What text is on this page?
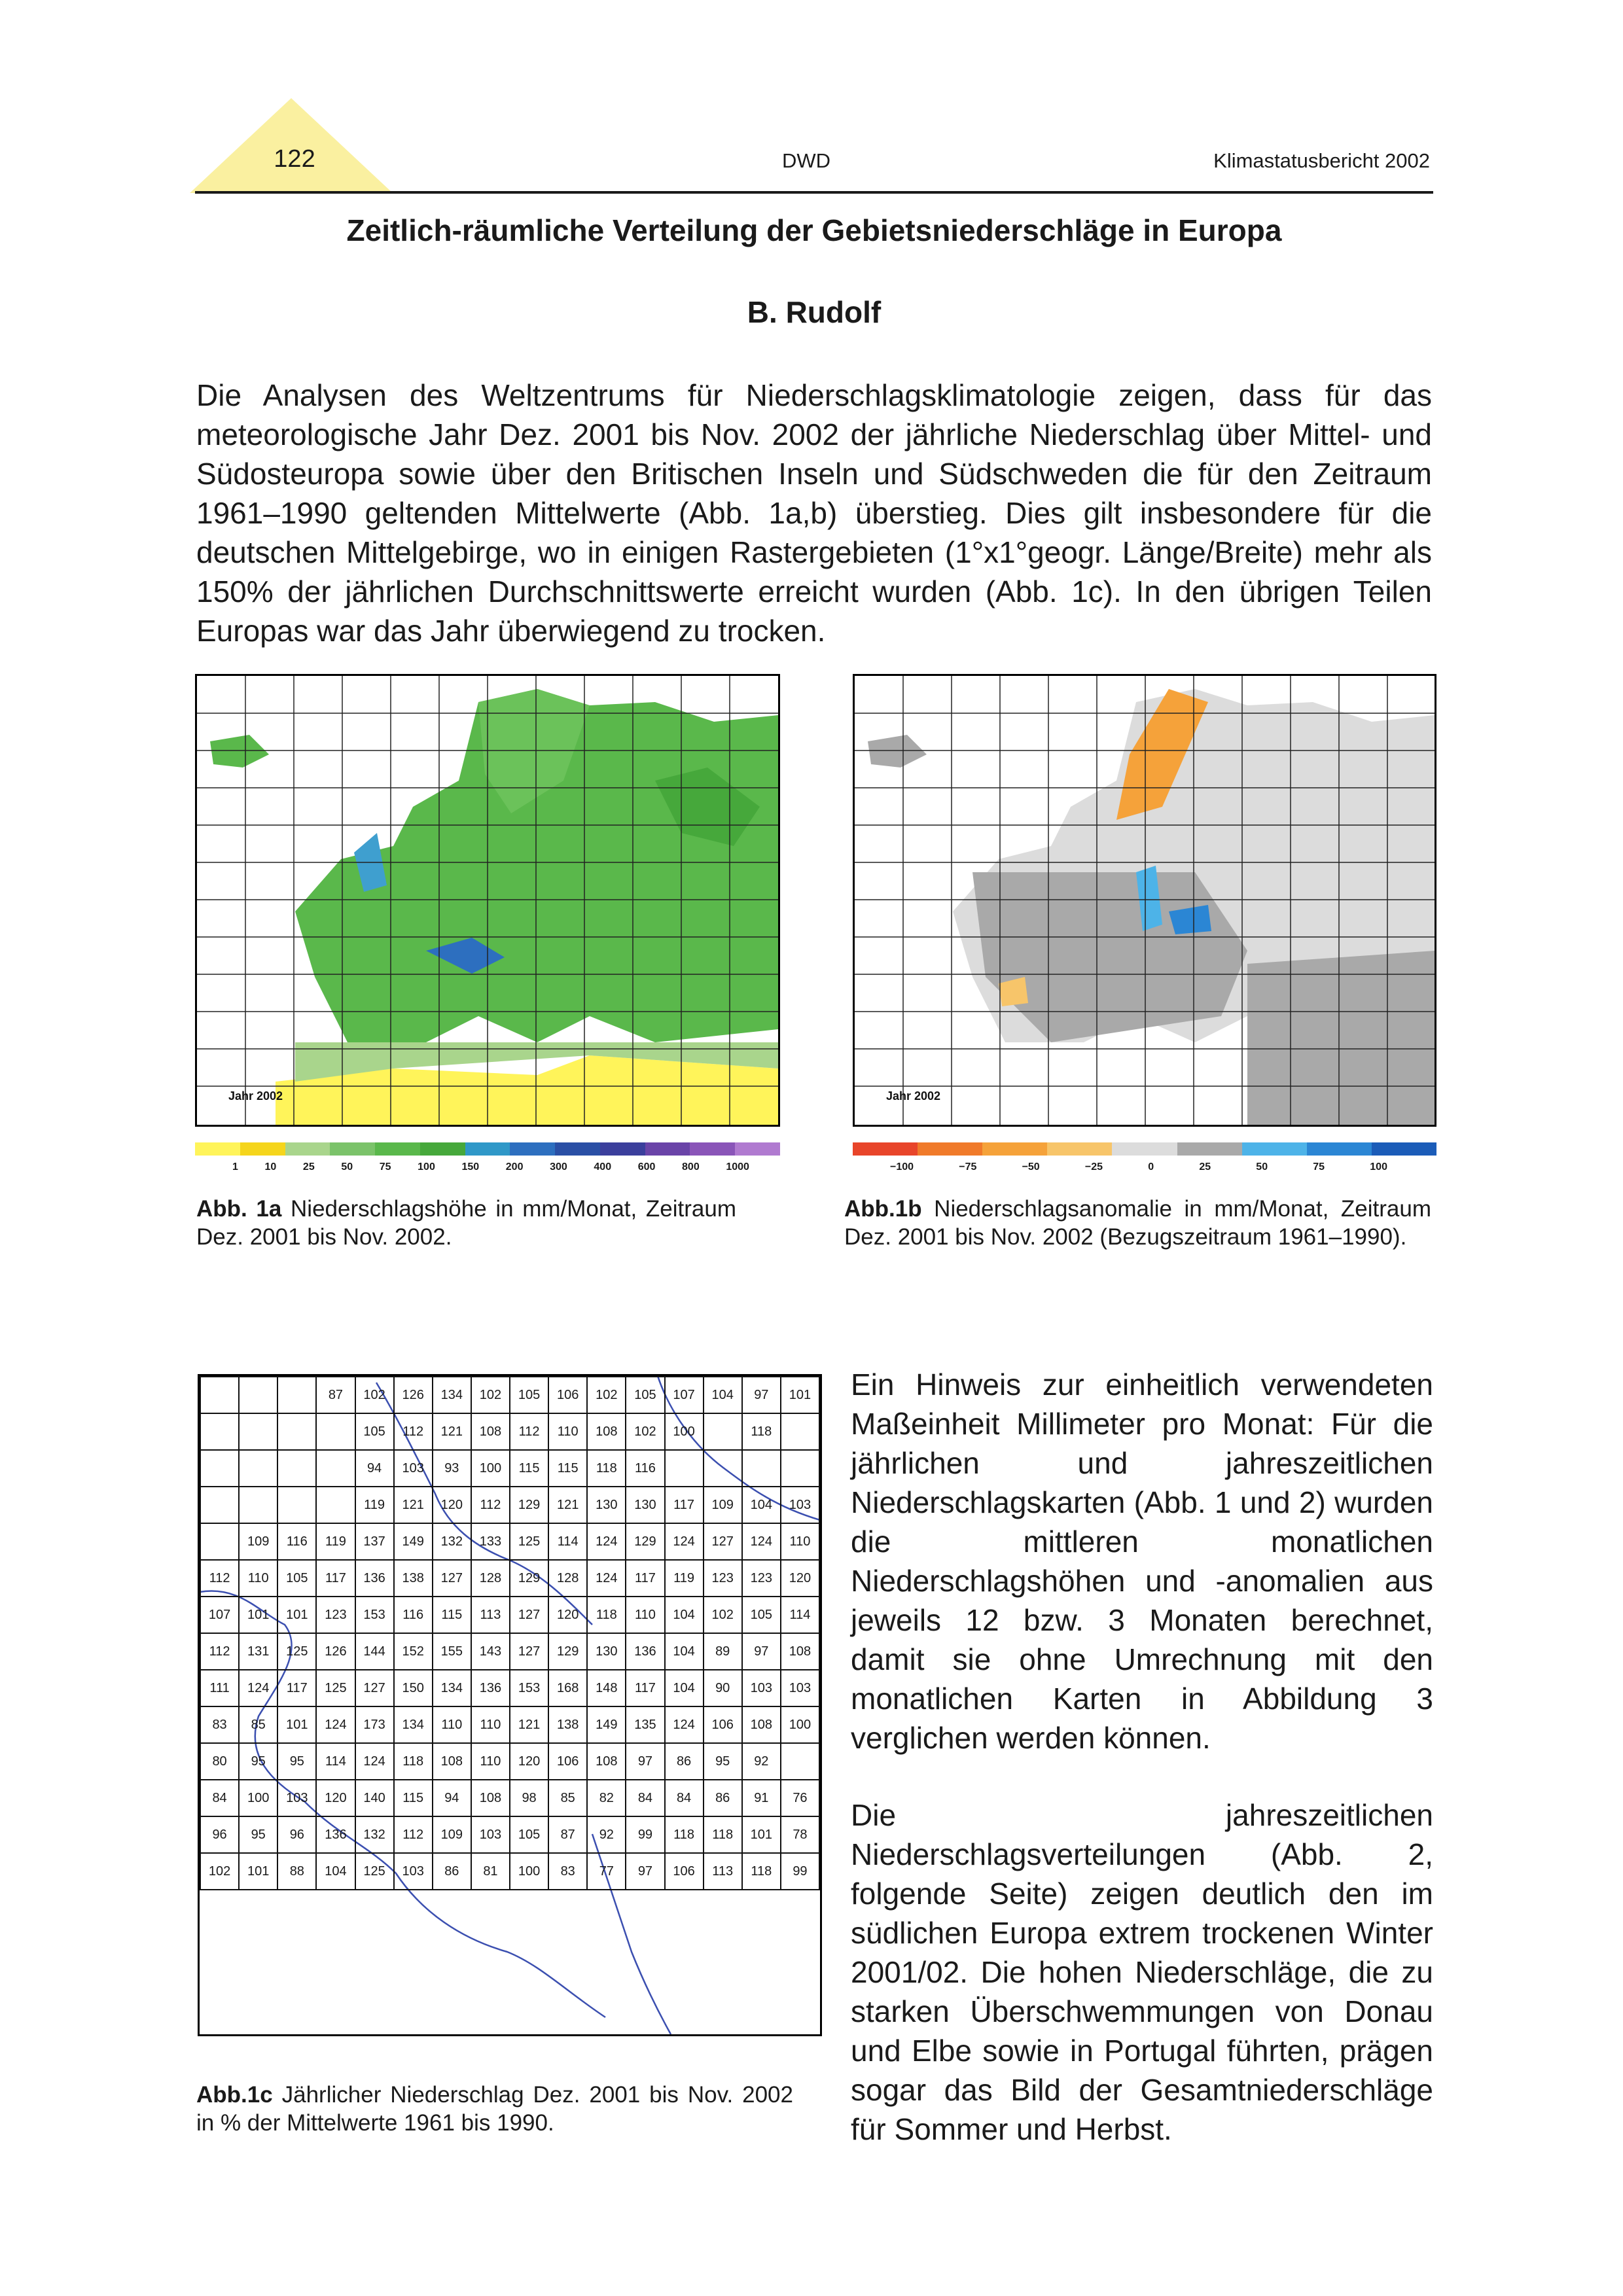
122	DWD	Klimastatusbericht 2002
Zeitlich-räumliche Verteilung der Gebietsniederschläge in Europa
B. Rudolf
Die Analysen des Weltzentrums für Niederschlagsklimatologie zeigen, dass für das meteorologische Jahr Dez. 2001 bis Nov. 2002 der jährliche Niederschlag über Mittel- und Südosteuropa sowie über den Britischen Inseln und Südschweden die für den Zeitraum 1961–1990 geltenden Mittelwerte (Abb. 1a,b) überstieg. Dies gilt insbesondere für die deutschen Mittelgebirge, wo in einigen Rastergebieten (1°x1°geogr. Länge/Breite) mehr als 150% der jährlichen Durchschnittswerte erreicht wurden (Abb. 1c). In den übrigen Teilen Europas war das Jahr überwiegend zu trocken.
Jahr 2002
1	10	25	50	75	100	150	200	300	400	600	800	1000
Jahr 2002
−100	−75	−50	−25	0	25	50	75	100
Abb. 1a Niederschlagshöhe in mm/Monat, Zeitraum Dez. 2001 bis Nov. 2002.
Abb.1b Niederschlagsanomalie in mm/Monat, Zeitraum Dez. 2001 bis Nov. 2002 (Bezugszeitraum 1961–1990).
			87	102	126	134	102	105	106	102	105	107	104	97	101
				105	112	121	108	112	110	108	102	100		118	
				94	103	93	100	115	115	118	116				
				119	121	120	112	129	121	130	130	117	109	104	103
	109	116	119	137	149	132	133	125	114	124	129	124	127	124	110
112	110	105	117	136	138	127	128	129	128	124	117	119	123	123	120
107	101	101	123	153	116	115	113	127	120	118	110	104	102	105	114
112	131	125	126	144	152	155	143	127	129	130	136	104	89	97	108
111	124	117	125	127	150	134	136	153	168	148	117	104	90	103	103
83	85	101	124	173	134	110	110	121	138	149	135	124	106	108	100
80	95	95	114	124	118	108	110	120	106	108	97	86	95	92	
84	100	103	120	140	115	94	108	98	85	82	84	84	86	91	76
96	95	96	136	132	112	109	103	105	87	92	99	118	118	101	78
102	101	88	104	125	103	86	81	100	83	77	97	106	113	118	99
Abb.1c Jährlicher Niederschlag Dez. 2001 bis Nov. 2002 in % der Mittelwerte 1961 bis 1990.
Ein Hinweis zur einheitlich verwendeten Maßeinheit Millimeter pro Monat: Für die jährlichen und jahreszeitlichen Niederschlagskarten (Abb. 1 und 2) wurden die mittleren monatlichen Niederschlagshöhen und -anomalien aus jeweils 12 bzw. 3 Monaten berechnet, damit sie ohne Umrechnung mit den monatlichen Karten in Abbildung 3 verglichen werden können.
Die jahreszeitlichen Niederschlagsverteilungen (Abb. 2, folgende Seite) zeigen deutlich den im südlichen Europa extrem trockenen Winter 2001/02. Die hohen Niederschläge, die zu starken Überschwemmungen von Donau und Elbe sowie in Portugal führten, prägen sogar das Bild der Gesamtniederschläge für Sommer und Herbst.
